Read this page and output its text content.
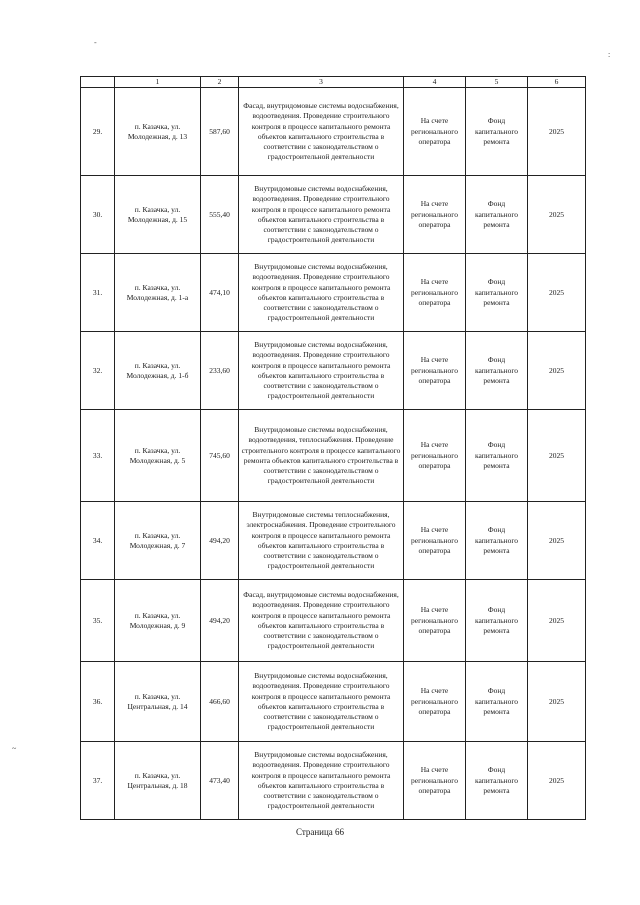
-
:
~
	1	2	3	4	5	6
29.	п. Казачка, ул. Молодежная, д. 13	587,60	Фасад, внутридомовые системы водоснабжения, водоотведения. Проведение строительного контроля в процессе капитального ремонта объектов капитального строительства в соответствии с законодательством о градостроительной деятельности	На счете регионального оператора	Фонд капитального ремонта	2025
30.	п. Казачка, ул. Молодежная, д. 15	555,40	Внутридомовые системы водоснабжения, водоотведения. Проведение строительного контроля в процессе капитального ремонта объектов капитального строительства в соответствии с законодательством о градостроительной деятельности	На счете регионального оператора	Фонд капитального ремонта	2025
31.	п. Казачка, ул. Молодежная, д. 1-а	474,10	Внутридомовые системы водоснабжения, водоотведения. Проведение строительного контроля в процессе капитального ремонта объектов капитального строительства в соответствии с законодательством о градостроительной деятельности	На счете регионального оператора	Фонд капитального ремонта	2025
32.	п. Казачка, ул. Молодежная, д. 1-б	233,60	Внутридомовые системы водоснабжения, водоотведения. Проведение строительного контроля в процессе капитального ремонта объектов капитального строительства в соответствии с законодательством о градостроительной деятельности	На счете регионального оператора	Фонд капитального ремонта	2025
33.	п. Казачка, ул. Молодежная, д. 5	745,60	Внутридомовые системы водоснабжения, водоотведения, теплоснабжения. Проведение строительного контроля в процессе капитального ремонта объектов капитального строительства в соответствии с законодательством о градостроительной деятельности	На счете регионального оператора	Фонд капитального ремонта	2025
34.	п. Казачка, ул. Молодежная, д. 7	494,20	Внутридомовые системы теплоснабжения, электроснабжения. Проведение строительного контроля в процессе капитального ремонта объектов капитального строительства в соответствии с законодательством о градостроительной деятельности	На счете регионального оператора	Фонд капитального ремонта	2025
35.	п. Казачка, ул. Молодежная, д. 9	494,20	Фасад, внутридомовые системы водоснабжения, водоотведения. Проведение строительного контроля в процессе капитального ремонта объектов капитального строительства в соответствии с законодательством о градостроительной деятельности	На счете регионального оператора	Фонд капитального ремонта	2025
36.	п. Казачка, ул. Центральная, д. 14	466,60	Внутридомовые системы водоснабжения, водоотведения. Проведение строительного контроля в процессе капитального ремонта объектов капитального строительства в соответствии с законодательством о градостроительной деятельности	На счете регионального оператора	Фонд капитального ремонта	2025
37.	п. Казачка, ул. Центральная, д. 18	473,40	Внутридомовые системы водоснабжения, водоотведения. Проведение строительного контроля в процессе капитального ремонта объектов капитального строительства в соответствии с законодательством о градостроительной деятельности	На счете регионального оператора	Фонд капитального ремонта	2025
Страница 66
